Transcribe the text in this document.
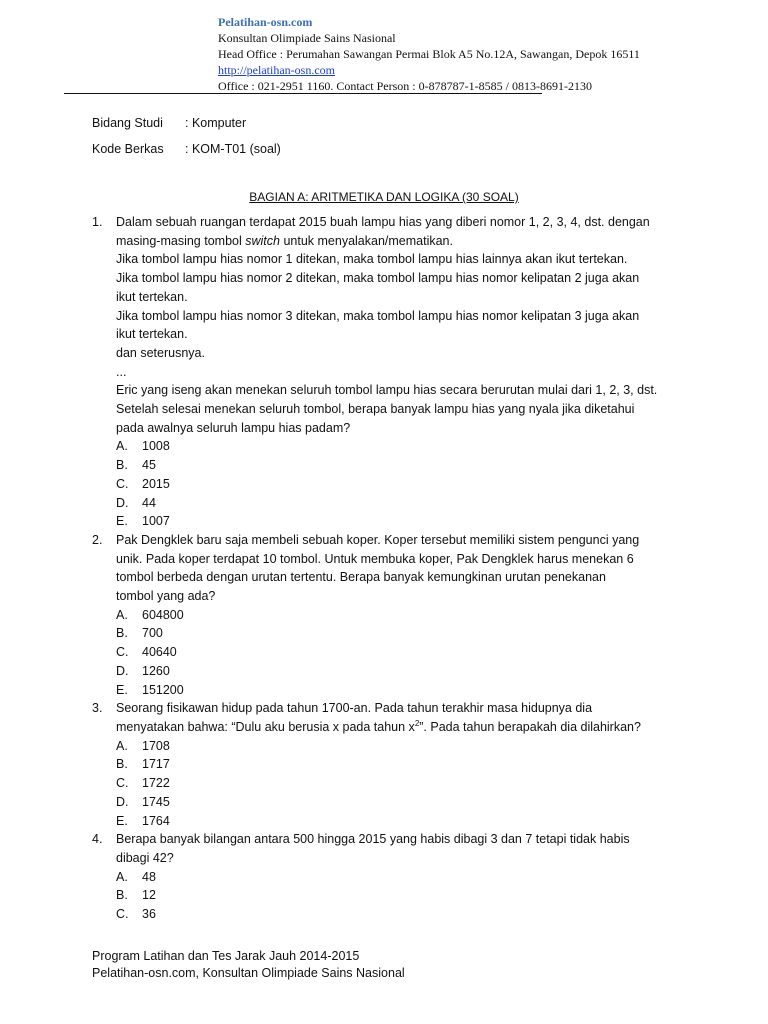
Pelatihan-osn.com
Konsultan Olimpiade Sains Nasional
Head Office : Perumahan Sawangan Permai Blok A5 No.12A, Sawangan, Depok 16511
http://pelatihan-osn.com
Office : 021-2951 1160. Contact Person : 0-878787-1-8585 / 0813-8691-2130
Bidang Studi	: Komputer
Kode Berkas	: KOM-T01 (soal)
BAGIAN A: ARITMETIKA DAN LOGIKA (30 SOAL)
1.	Dalam sebuah ruangan terdapat 2015 buah lampu hias yang diberi nomor 1, 2, 3, 4, dst. dengan
masing-masing tombol switch untuk menyalakan/mematikan.
Jika tombol lampu hias nomor 1 ditekan, maka tombol lampu hias lainnya akan ikut tertekan.
Jika tombol lampu hias nomor 2 ditekan, maka tombol lampu hias nomor kelipatan 2 juga akan
ikut tertekan.
Jika tombol lampu hias nomor 3 ditekan, maka tombol lampu hias nomor kelipatan 3 juga akan
ikut tertekan.
dan seterusnya.
...
Eric yang iseng akan menekan seluruh tombol lampu hias secara berurutan mulai dari 1, 2, 3, dst.
Setelah selesai menekan seluruh tombol, berapa banyak lampu hias yang nyala jika diketahui
pada awalnya seluruh lampu hias padam?
A.	1008
B.	45
C.	2015
D.	44
E.	1007
2.	Pak Dengklek baru saja membeli sebuah koper. Koper tersebut memiliki sistem pengunci yang
unik. Pada koper terdapat 10 tombol. Untuk membuka koper, Pak Dengklek harus menekan 6
tombol berbeda dengan urutan tertentu. Berapa banyak kemungkinan urutan penekanan
tombol yang ada?
A.	604800
B.	700
C.	40640
D.	1260
E.	151200
3.	Seorang fisikawan hidup pada tahun 1700-an. Pada tahun terakhir masa hidupnya dia
menyatakan bahwa: “Dulu aku berusia x pada tahun $x^2$”. Pada tahun berapakah dia dilahirkan?
A.	1708
B.	1717
C.	1722
D.	1745
E.	1764
4.	Berapa banyak bilangan antara 500 hingga 2015 yang habis dibagi 3 dan 7 tetapi tidak habis
dibagi 42?
A.	48
B.	12
C.	36
Program Latihan dan Tes Jarak Jauh 2014-2015
Pelatihan-osn.com, Konsultan Olimpiade Sains Nasional
